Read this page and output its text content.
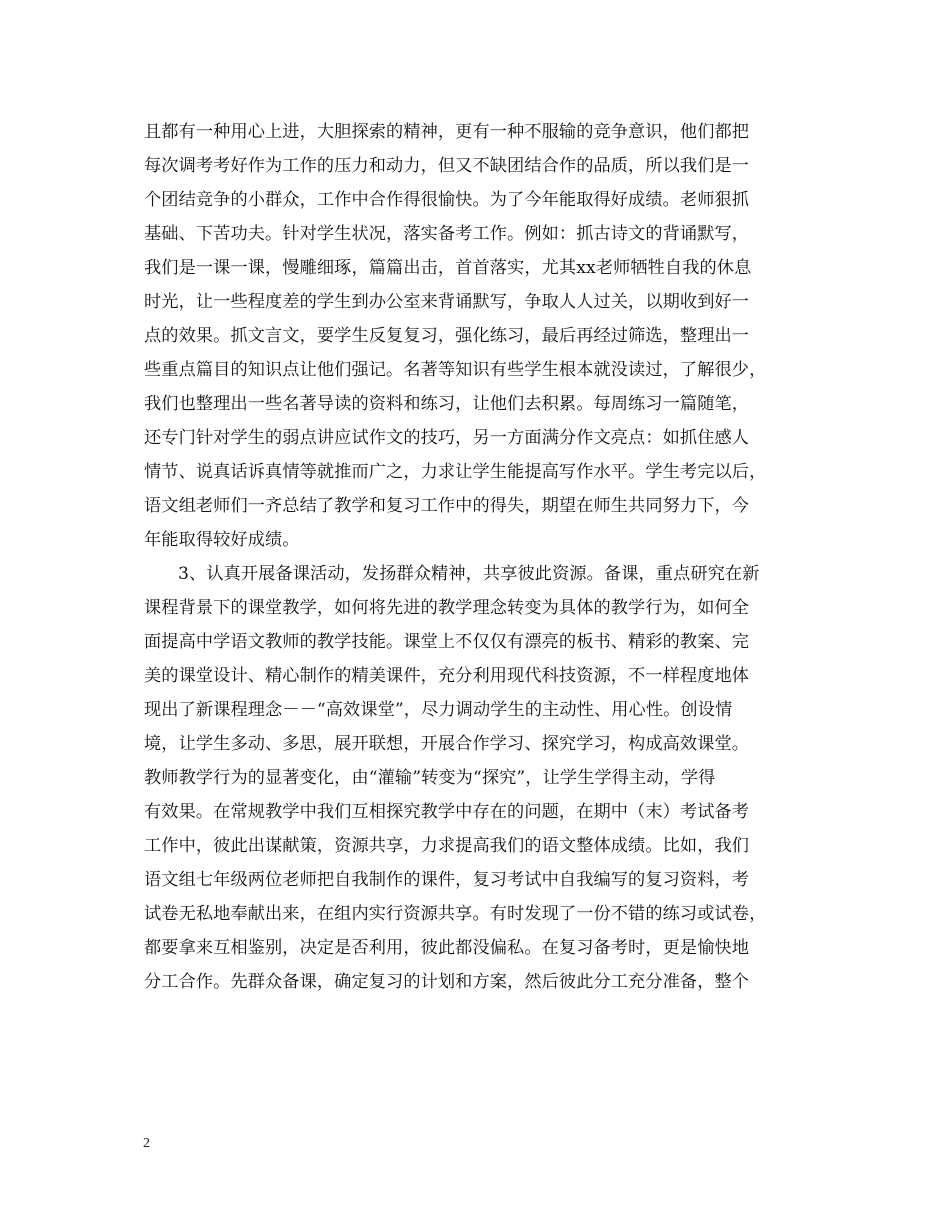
且都有一种用心上进，大胆探索的精神，更有一种不服输的竞争意识，他们都把
每次调考考好作为工作的压力和动力，但又不缺团结合作的品质，所以我们是一
个团结竞争的小群众，工作中合作得很愉快。为了今年能取得好成绩。老师狠抓
基础、下苦功夫。针对学生状况，落实备考工作。例如：抓古诗文的背诵默写，
我们是一课一课，慢雕细琢，篇篇出击，首首落实，尤其xx老师牺牲自我的休息
时光，让一些程度差的学生到办公室来背诵默写，争取人人过关，以期收到好一
点的效果。抓文言文，要学生反复复习，强化练习，最后再经过筛选，整理出一
些重点篇目的知识点让他们强记。名著等知识有些学生根本就没读过，了解很少，
我们也整理出一些名著导读的资料和练习，让他们去积累。每周练习一篇随笔，
还专门针对学生的弱点讲应试作文的技巧，另一方面满分作文亮点：如抓住感人
情节、说真话诉真情等就推而广之，力求让学生能提高写作水平。学生考完以后，
语文组老师们一齐总结了教学和复习工作中的得失，期望在师生共同努力下，今
年能取得较好成绩。
3、认真开展备课活动，发扬群众精神，共享彼此资源。备课，重点研究在新
课程背景下的课堂教学，如何将先进的教学理念转变为具体的教学行为，如何全
面提高中学语文教师的教学技能。课堂上不仅仅有漂亮的板书、精彩的教案、完
美的课堂设计、精心制作的精美课件，充分利用现代科技资源，不一样程度地体
现出了新课程理念－－“高效课堂”，尽力调动学生的主动性、用心性。创设情
境，让学生多动、多思，展开联想，开展合作学习、探究学习，构成高效课堂。
教师教学行为的显著变化，由“灌输”转变为“探究”，让学生学得主动，学得
有效果。在常规教学中我们互相探究教学中存在的问题，在期中（末）考试备考
工作中，彼此出谋献策，资源共享，力求提高我们的语文整体成绩。比如，我们
语文组七年级两位老师把自我制作的课件，复习考试中自我编写的复习资料，考
试卷无私地奉献出来，在组内实行资源共享。有时发现了一份不错的练习或试卷，
都要拿来互相鉴别，决定是否利用，彼此都没偏私。在复习备考时，更是愉快地
分工合作。先群众备课，确定复习的计划和方案，然后彼此分工充分准备，整个
2
